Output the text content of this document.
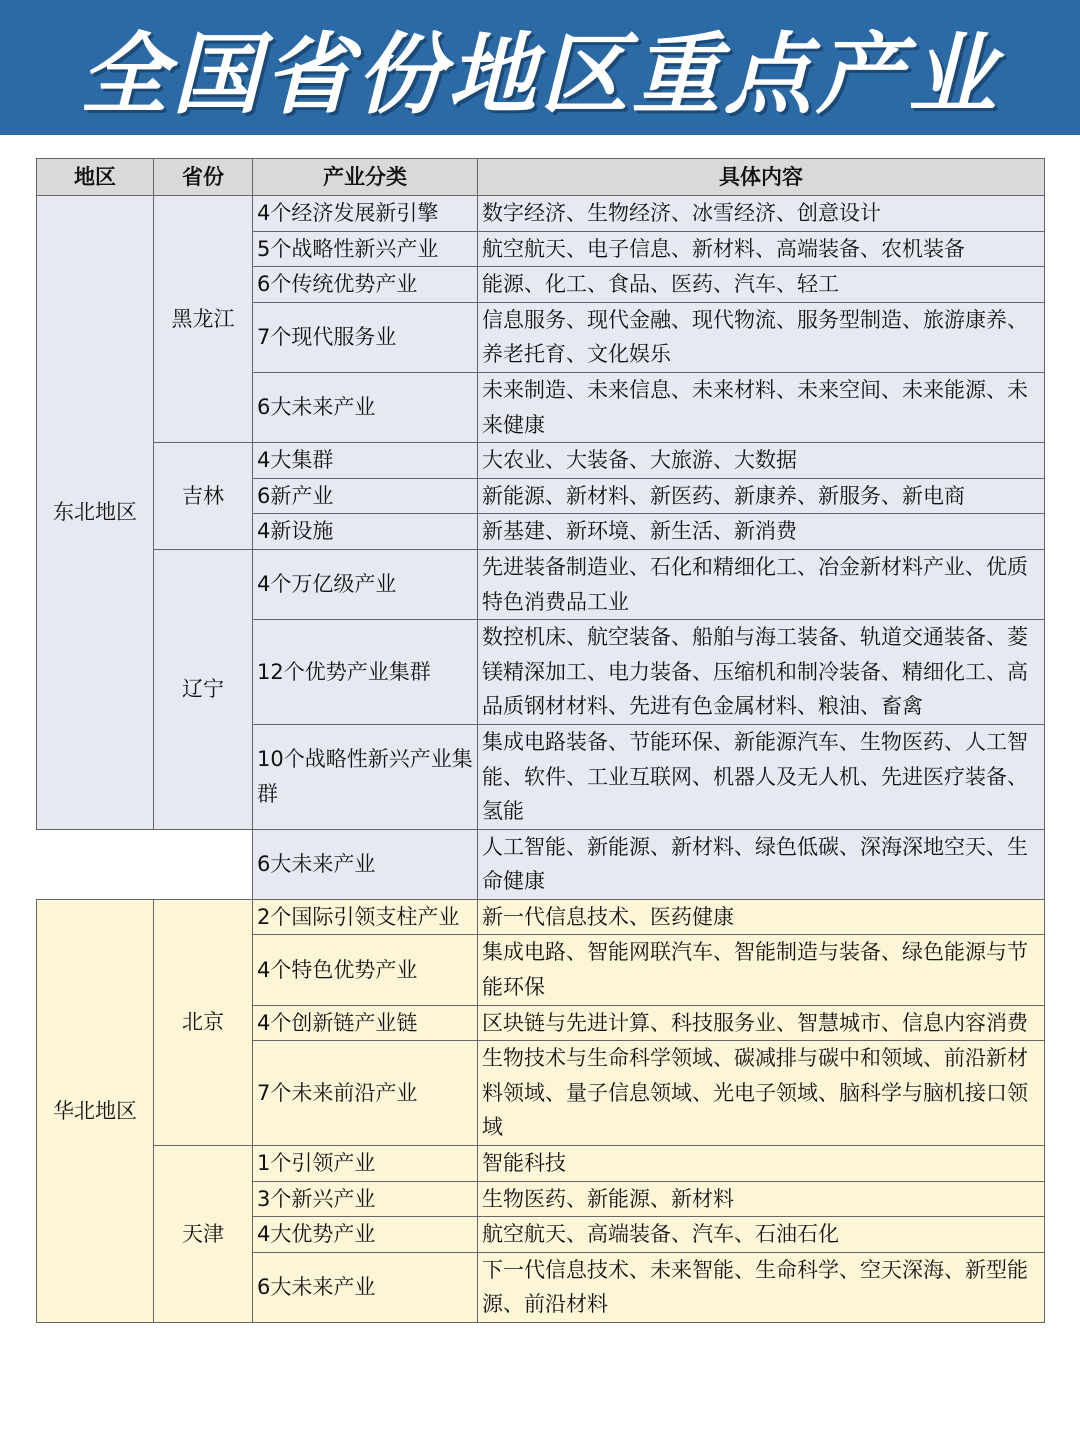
全国省份地区重点产业
地区	省份	产业分类	具体内容
东北地区	黑龙江	4个经济发展新引擎	数字经济、生物经济、冰雪经济、创意设计
		5个战略性新兴产业	航空航天、电子信息、新材料、高端装备、农机装备
		6个传统优势产业	能源、化工、食品、医药、汽车、轻工
		7个现代服务业	信息服务、现代金融、现代物流、服务型制造、旅游康养、养老托育、文化娱乐

		6大未来产业	未来制造、未来信息、未来材料、未来空间、未来能源、未来健康

	吉林	4大集群	大农业、大装备、大旅游、大数据
		6新产业	新能源、新材料、新医药、新康养、新服务、新电商
		4新设施	新基建、新环境、新生活、新消费
	辽宁	4个万亿级产业	先进装备制造业、石化和精细化工、冶金新材料产业、优质特色消费品工业

		12个优势产业集群	数控机床、航空装备、船舶与海工装备、轨道交通装备、菱镁精深加工、电力装备、压缩机和制冷装备、精细化工、高品质钢材材料、先进有色金属材料、粮油、畜禽

		10个战略性新兴产业集群	集成电路装备、节能环保、新能源汽车、生物医药、人工智能、软件、工业互联网、机器人及无人机、先进医疗装备、氢能

		6大未来产业	人工智能、新能源、新材料、绿色低碳、深海深地空天、生命健康

华北地区	北京	2个国际引领支柱产业	新一代信息技术、医药健康

		4个特色优势产业	集成电路、智能网联汽车、智能制造与装备、绿色能源与节能环保

		4个创新链产业链	区块链与先进计算、科技服务业、智慧城市、信息内容消费

		7个未来前沿产业	生物技术与生命科学领域、碳减排与碳中和领域、前沿新材料领域、量子信息领域、光电子领域、脑科学与脑机接口领域

	天津	1个引领产业	智能科技
		3个新兴产业	生物医药、新能源、新材料
		4大优势产业	航空航天、高端装备、汽车、石油石化
		6大未来产业	下一代信息技术、未来智能、生命科学、空天深海、新型能源、前沿材料
